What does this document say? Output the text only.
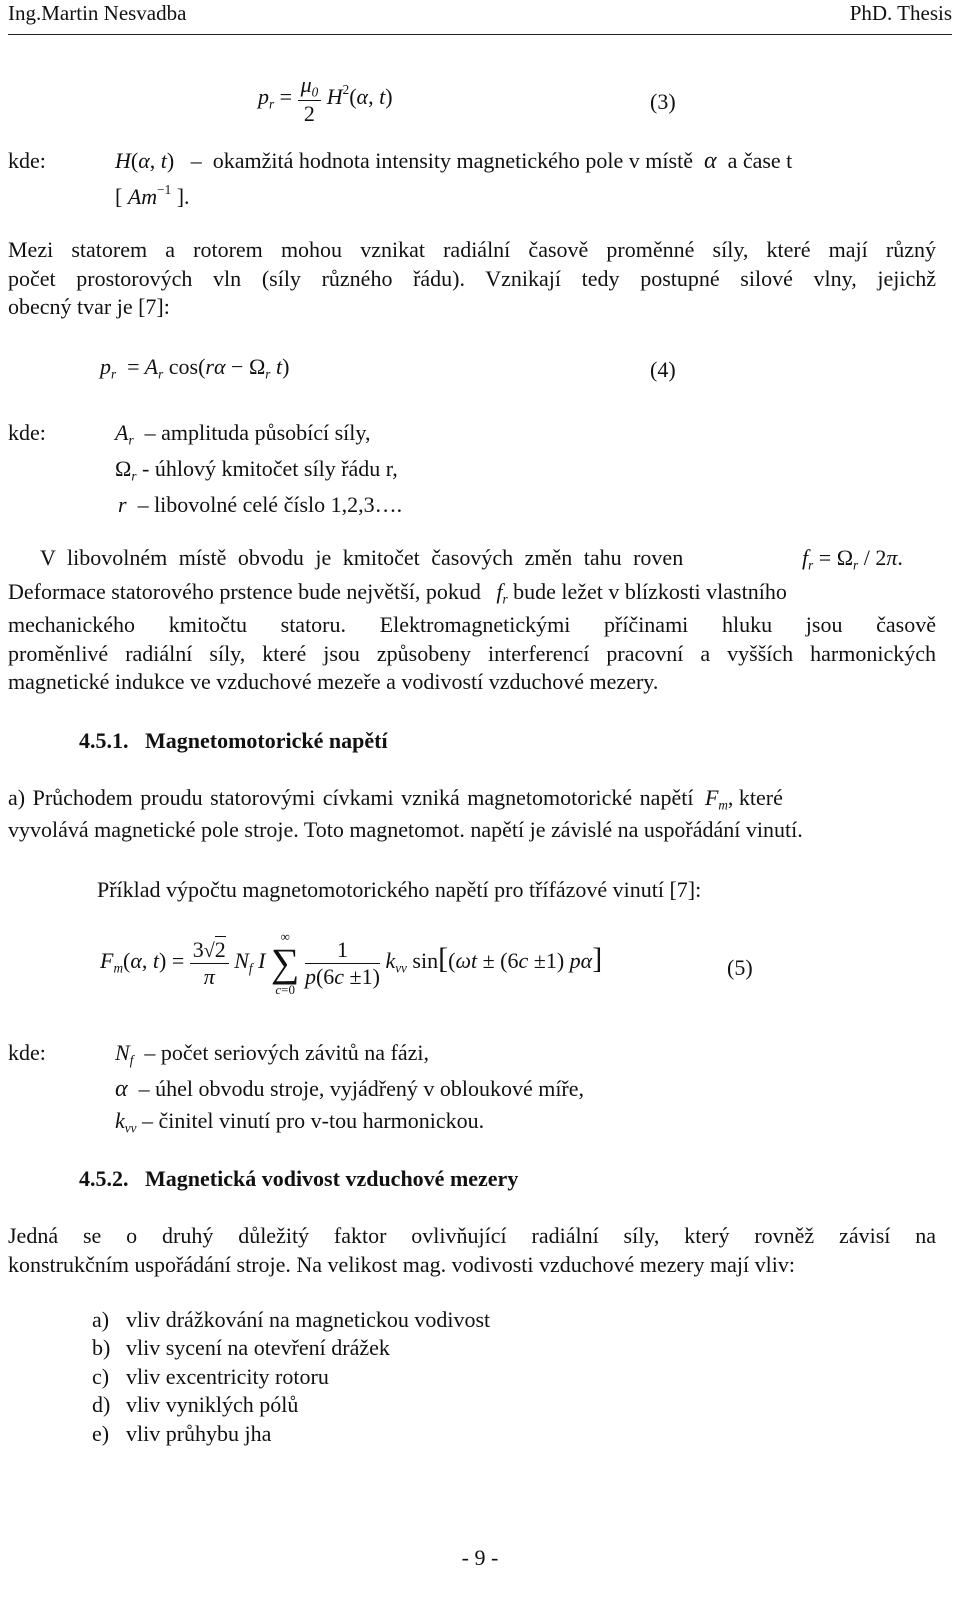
Ing.Martin Nesvadba	PhD. Thesis
$p_r = \frac{\mu_0}{2} H^2(\alpha$, t)	(3)
kde:	H(α, t)   –  okamžitá hodnota intensity magnetického pole v místě α a čase t
[ $Am^{-1}$ ].
Mezi statorem a rotorem mohou vznikat radiální časově proměnné síly, které mají různý
počet prostorových vln (síly různého řádu). Vznikají tedy postupné silové vlny, jejichž
obecný tvar je [7]:
$p_r = A_r$ $\cos(r\alpha - \Omega_r$ t)	(4)
kde:	$A_r$  – amplituda působící síly,
$\Omega_r$ - úhlový kmitočet síly řádu r,
r  – libovolné celé číslo 1,2,3….
V libovolném místě obvodu je kmitočet časových změn tahu roven	$f_r = \Omega_r / 2\pi$.
Deformace statorového prstence bude největší, pokud $f_r$ bude ležet v blízkosti vlastního
mechanického kmitočtu statoru. Elektromagnetickými příčinami hluku jsou časově
proměnlivé radiální síly, které jsou způsobeny interferencí pracovní a vyšších harmonických
magnetické indukce ve vzduchové mezeře a vodivostí vzduchové mezery.
4.5.1. Magnetomotorické napětí
a) Průchodem proudu statorovými cívkami vzniká magnetomotorické napětí $F_m$, které
vyvolává magnetické pole stroje. Toto magnetomot. napětí je závislé na uspořádání vinutí.
Příklad výpočtu magnetomotorického napětí pro třífázové vinutí [7]:
$F_m(\alpha$, $t) = \frac{3√2}{\pi} N_f$ I
∞
∑
c=0

$\frac{1}{p(6c \pm 1)} k_{vv}$ sin[(ωt ± (6c ±1) pα]	(5)
kde:	$N_f$  – počet seriových závitů na fázi,
α  – úhel obvodu stroje, vyjádřený v obloukové míře,
$k_{vv}$ – činitel vinutí pro v-tou harmonickou.
4.5.2. Magnetická vodivost vzduchové mezery
Jedná se o druhý důležitý faktor ovlivňující radiální síly, který rovněž závisí na
konstrukčním uspořádání stroje. Na velikost mag. vodivosti vzduchové mezery mají vliv:
a) vliv drážkování na magnetickou vodivost
b) vliv sycení na otevření drážek
c) vliv excentricity rotoru
d) vliv vyniklých pólů
e) vliv průhybu jha
- 9 -
